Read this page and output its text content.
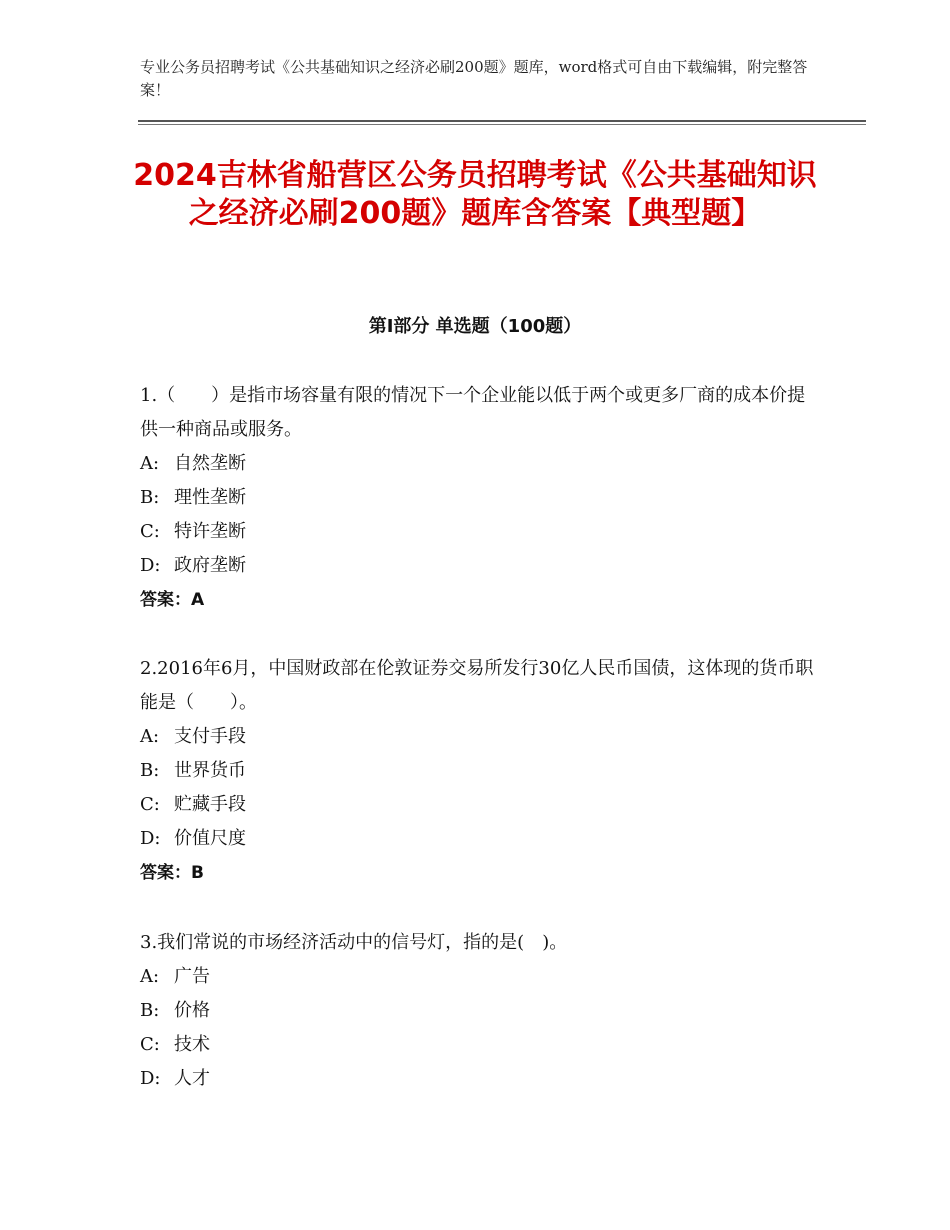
专业公务员招聘考试《公共基础知识之经济必刷200题》题库，word格式可自由下载编辑，附完整答案！
2024吉林省船营区公务员招聘考试《公共基础知识之经济必刷200题》题库含答案【典型题】
第I部分 单选题（100题）

1.（　　）是指市场容量有限的情况下一个企业能以低于两个或更多厂商的成本价提供一种商品或服务。

A: 自然垄断
B: 理性垄断
C: 特许垄断
D: 政府垄断

答案：A

2.2016年6月，中国财政部在伦敦证券交易所发行30亿人民币国债，这体现的货币职能是（　　）。

A: 支付手段
B: 世界货币
C: 贮藏手段
D: 价值尺度

答案：B

3.我们常说的市场经济活动中的信号灯，指的是(　)。

A: 广告
B: 价格
C: 技术
D: 人才
